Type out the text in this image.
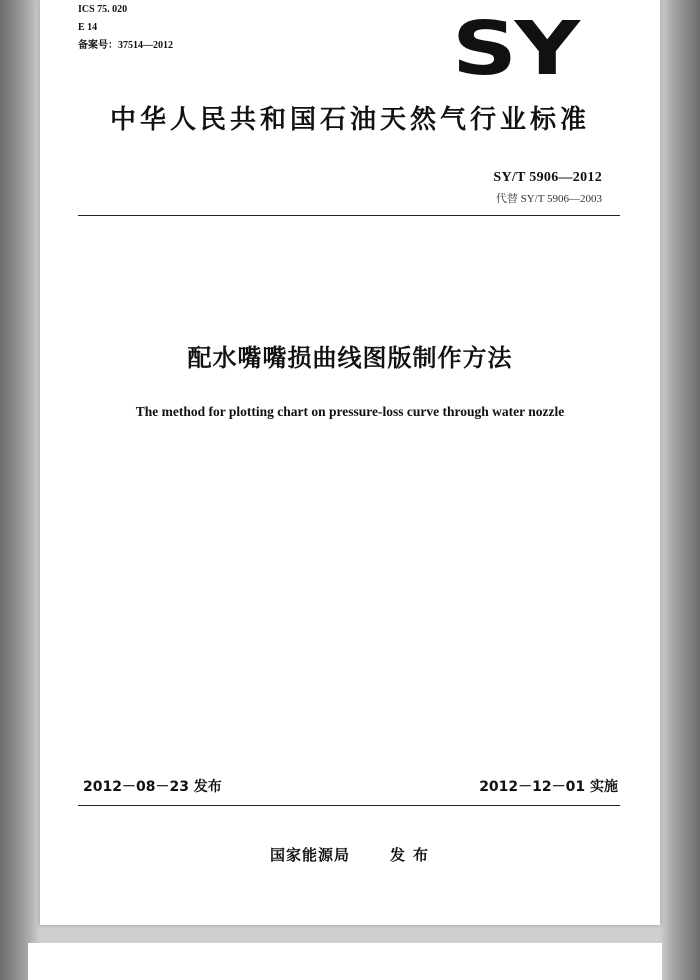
ICS 75. 020
E 14
备案号：37514—2012	SY
中华人民共和国石油天然气行业标准
SY/T 5906—2012
代替 SY/T 5906—2003
配水嘴嘴损曲线图版制作方法
The method for plotting chart on pressure-loss curve through water nozzle
2012－08－23 发布	2012－12－01 实施
国家能源局	发布
